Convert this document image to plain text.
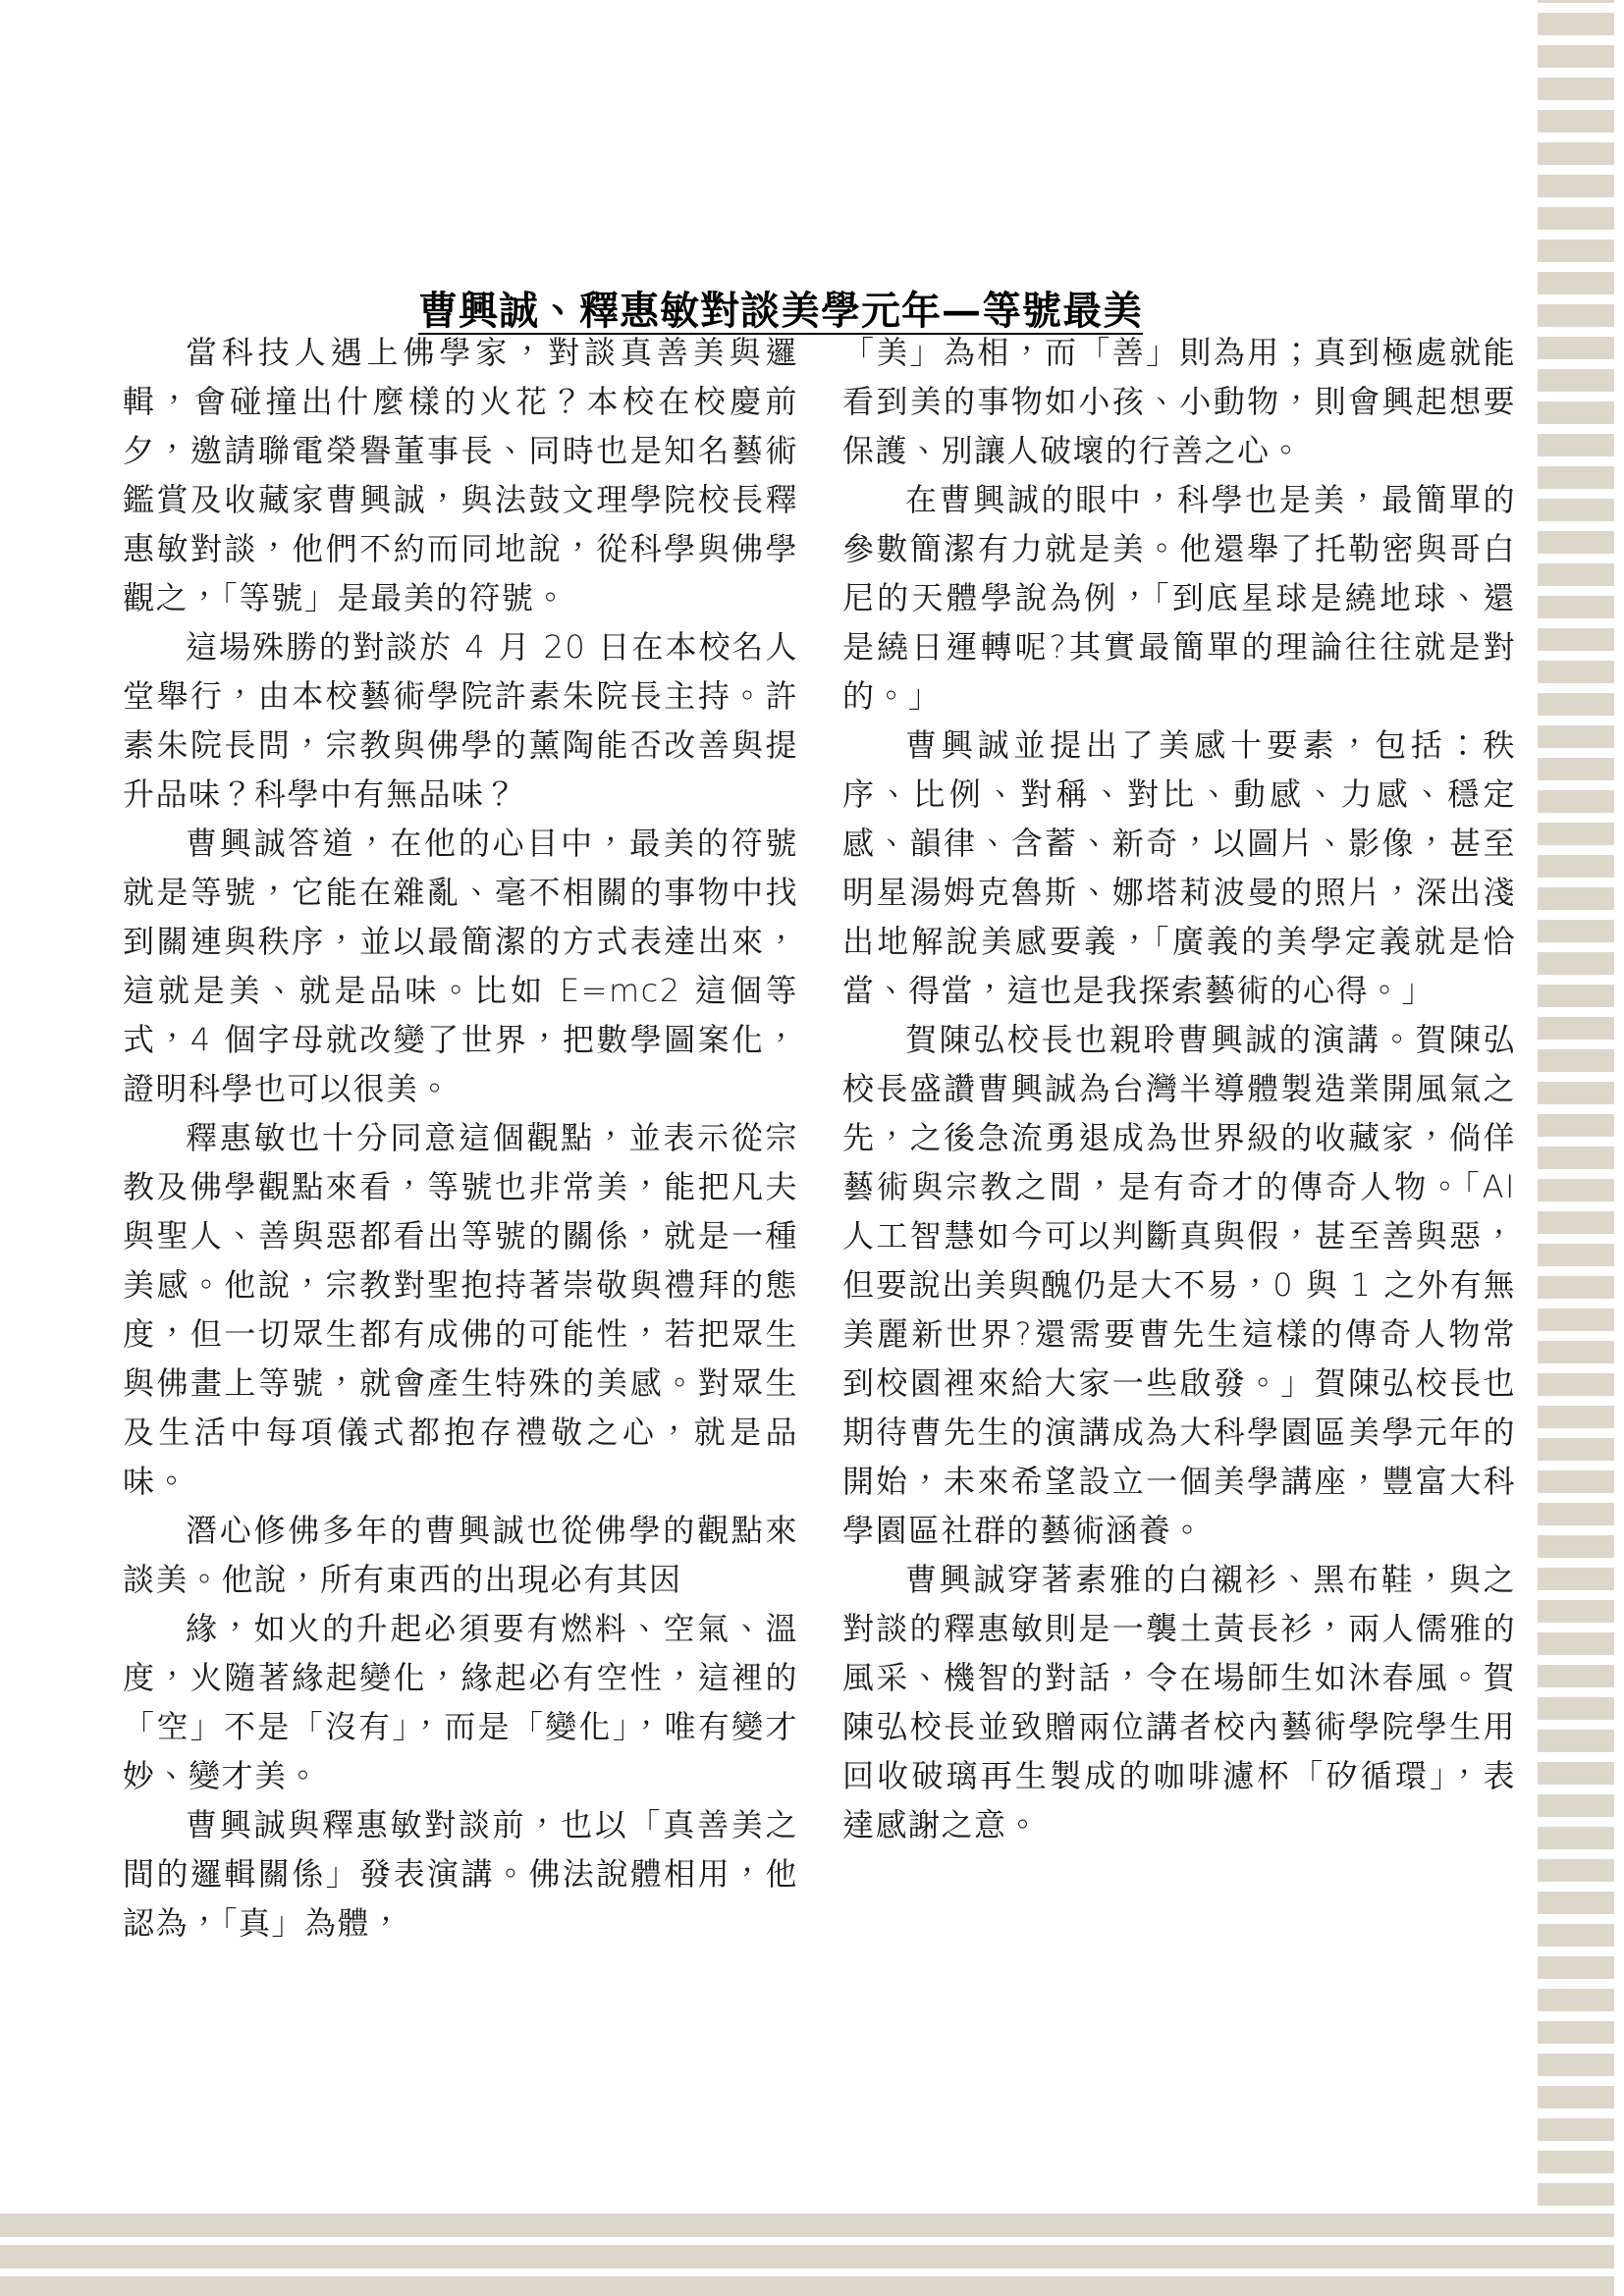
曹興誠、釋惠敏對談美學元年—等號最美

當科技人遇上佛學家，對談真善美與邏輯，會碰撞出什麼樣的火花？本校在校慶前夕，邀請聯電榮譽董事長、同時也是知名藝術鑑賞及收藏家曹興誠，與法鼓文理學院校長釋惠敏對談，他們不約而同地說，從科學與佛學觀之，「等號」是最美的符號。

這場殊勝的對談於 4 月 20 日在本校名人堂舉行，由本校藝術學院許素朱院長主持。許素朱院長問，宗教與佛學的薰陶能否改善與提升品味？科學中有無品味？

曹興誠答道，在他的心目中，最美的符號就是等號，它能在雜亂、毫不相關的事物中找到關連與秩序，並以最簡潔的方式表達出來，這就是美、就是品味。比如 E=mc2 這個等式，4 個字母就改變了世界，把數學圖案化，證明科學也可以很美。

釋惠敏也十分同意這個觀點，並表示從宗教及佛學觀點來看，等號也非常美，能把凡夫與聖人、善與惡都看出等號的關係，就是一種美感。他說，宗教對聖抱持著崇敬與禮拜的態度，但一切眾生都有成佛的可能性，若把眾生與佛畫上等號，就會產生特殊的美感。對眾生及生活中每項儀式都抱存禮敬之心，就是品味。

潛心修佛多年的曹興誠也從佛學的觀點來談美。他說，所有東西的出現必有其因

緣，如火的升起必須要有燃料、空氣、溫度，火隨著緣起變化，緣起必有空性，這裡的「空」不是「沒有」，而是「變化」，唯有變才妙、變才美。

曹興誠與釋惠敏對談前，也以「真善美之間的邏輯關係」發表演講。佛法說體相用，他認為，「真」為體，

「美」為相，而「善」則為用；真到極處就能看到美的事物如小孩、小動物，則會興起想要保護、別讓人破壞的行善之心。

在曹興誠的眼中，科學也是美，最簡單的參數簡潔有力就是美。他還舉了托勒密與哥白尼的天體學說為例，「到底星球是繞地球、還是繞日運轉呢?其實最簡單的理論往往就是對的。」

曹興誠並提出了美感十要素，包括：秩序、比例、對稱、對比、動感、力感、穩定感、韻律、含蓄、新奇，以圖片、影像，甚至明星湯姆克魯斯、娜塔莉波曼的照片，深出淺出地解說美感要義，「廣義的美學定義就是恰當、得當，這也是我探索藝術的心得。」

賀陳弘校長也親聆曹興誠的演講。賀陳弘校長盛讚曹興誠為台灣半導體製造業開風氣之先，之後急流勇退成為世界級的收藏家，倘佯藝術與宗教之間，是有奇才的傳奇人物。「AI 人工智慧如今可以判斷真與假，甚至善與惡，但要說出美與醜仍是大不易，0 與 1 之外有無美麗新世界?還需要曹先生這樣的傳奇人物常到校園裡來給大家一些啟發。」賀陳弘校長也期待曹先生的演講成為大科學園區美學元年的開始，未來希望設立一個美學講座，豐富大科學園區社群的藝術涵養。

曹興誠穿著素雅的白襯衫、黑布鞋，與之對談的釋惠敏則是一襲土黃長衫，兩人儒雅的風采、機智的對話，令在場師生如沐春風。賀陳弘校長並致贈兩位講者校內藝術學院學生用回收破璃再生製成的咖啡濾杯「矽循環」，表達感謝之意。
